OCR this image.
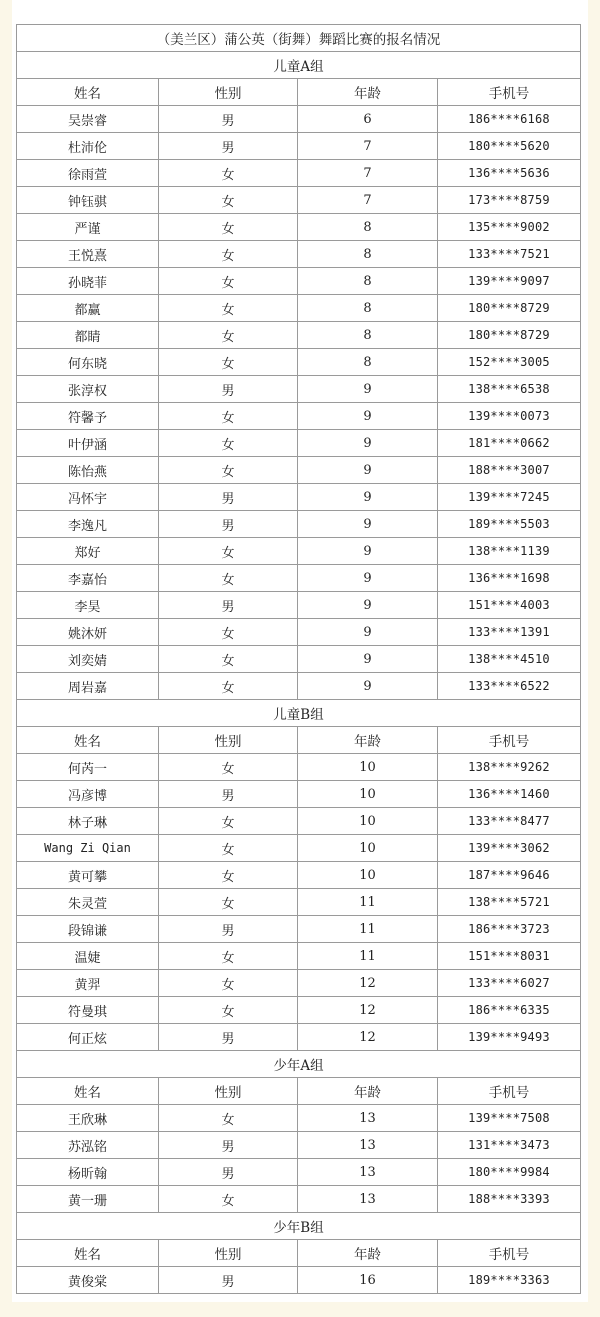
（美兰区）蒲公英（街舞）舞蹈比赛的报名情况			
儿童A组			
姓名	性别	年龄	手机号
吴崇睿	男	6	186****6168
杜沛伦	男	7	180****5620
徐雨萱	女	7	136****5636
钟钰骐	女	7	173****8759
严谨	女	8	135****9002
王悦熹	女	8	133****7521
孙晓菲	女	8	139****9097
都赢	女	8	180****8729
都睛	女	8	180****8729
何东晓	女	8	152****3005
张淳权	男	9	138****6538
符馨予	女	9	139****0073
叶伊涵	女	9	181****0662
陈怡燕	女	9	188****3007
冯怀宇	男	9	139****7245
李逸凡	男	9	189****5503
郑好	女	9	138****1139
李嘉怡	女	9	136****1698
李昊	男	9	151****4003
姚沐妍	女	9	133****1391
刘奕婧	女	9	138****4510
周岩嘉	女	9	133****6522
儿童B组			
姓名	性别	年龄	手机号
何芮一	女	10	138****9262
冯彦博	男	10	136****1460
林子琳	女	10	133****8477
Wang Zi Qian	女	10	139****3062
黄可攀	女	10	187****9646
朱灵萱	女	11	138****5721
段锦谦	男	11	186****3723
温婕	女	11	151****8031
黄羿	女	12	133****6027
符曼琪	女	12	186****6335
何正炫	男	12	139****9493
少年A组			
姓名	性别	年龄	手机号
王欣琳	女	13	139****7508
苏泓铭	男	13	131****3473
杨昕翰	男	13	180****9984
黄一珊	女	13	188****3393
少年B组			
姓名	性别	年龄	手机号
黄俊棠	男	16	189****3363
